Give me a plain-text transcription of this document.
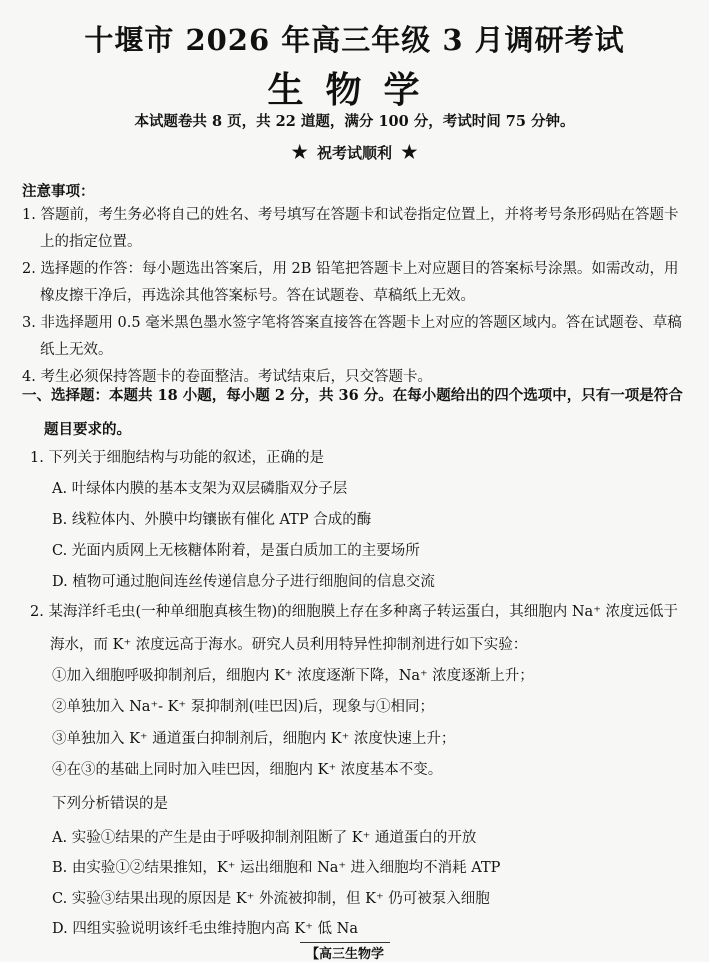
十堰市 2026 年高三年级 3 月调研考试
生物学
本试题卷共 8 页，共 22 道题，满分 100 分，考试时间 75 分钟。
★ 祝考试顺利 ★
注意事项：

1. 答题前，考生务必将自己的姓名、考号填写在答题卡和试卷指定位置上，并将考号条形码贴在答题卡上的指定位置。

2. 选择题的作答：每小题选出答案后，用 2B 铅笔把答题卡上对应题目的答案标号涂黑。如需改动，用橡皮擦干净后，再选涂其他答案标号。答在试题卷、草稿纸上无效。

3. 非选择题用 0.5 毫米黑色墨水签字笔将答案直接答在答题卡上对应的答题区域内。答在试题卷、草稿纸上无效。

4. 考生必须保持答题卡的卷面整洁。考试结束后，只交答题卡。

一、选择题：本题共 18 小题，每小题 2 分，共 36 分。在每小题给出的四个选项中，只有一项是符合题目要求的。
1. 下列关于细胞结构与功能的叙述，正确的是
A. 叶绿体内膜的基本支架为双层磷脂双分子层
B. 线粒体内、外膜中均镶嵌有催化 ATP 合成的酶
C. 光面内质网上无核糖体附着，是蛋白质加工的主要场所
D. 植物可通过胞间连丝传递信息分子进行细胞间的信息交流
2. 某海洋纤毛虫(一种单细胞真核生物)的细胞膜上存在多种离子转运蛋白，其细胞内 Na⁺ 浓度远低于海水，而 K⁺ 浓度远高于海水。研究人员利用特异性抑制剂进行如下实验：
①加入细胞呼吸抑制剂后，细胞内 K⁺ 浓度逐渐下降，Na⁺ 浓度逐渐上升；
②单独加入 Na⁺- K⁺ 泵抑制剂(哇巴因)后，现象与①相同；
③单独加入 K⁺ 通道蛋白抑制剂后，细胞内 K⁺ 浓度快速上升；
④在③的基础上同时加入哇巴因，细胞内 K⁺ 浓度基本不变。
下列分析错误的是
A. 实验①结果的产生是由于呼吸抑制剂阻断了 K⁺ 通道蛋白的开放
B. 由实验①②结果推知，K⁺ 运出细胞和 Na⁺ 进入细胞均不消耗 ATP
C. 实验③结果出现的原因是 K⁺ 外流被抑制，但 K⁺ 仍可被泵入细胞
D. 四组实验说明该纤毛虫维持胞内高 K⁺ 低 Na
【高三生物学
